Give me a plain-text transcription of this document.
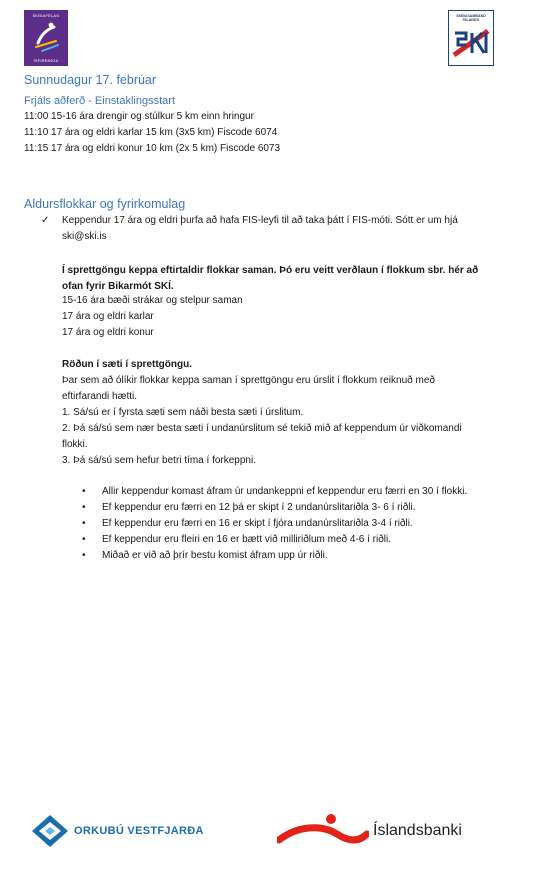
SKÍÐAFÉLAG
ÍSFIRÐINGA
SKÍÐASAMBAND ÍSLANDS
Sunnudagur 17. febrúar
Frjáls aðferð - Einstaklingsstart
11:00 15-16 ára drengir og stúlkur 5 km einn hringur
11:10 17 ára og eldri karlar 15 km (3x5 km) Fiscode 6074
11:15 17 ára og eldri konur 10 km (2x 5 km) Fiscode 6073
Aldursflokkar og fyrirkomulag
✓ Keppendur 17 ára og eldri þurfa að hafa FIS-leyfi til að taka þátt í FIS-móti. Sótt er um hjá
ski@ski.is
Í sprettgöngu keppa eftirtaldir flokkar saman. Þó eru veitt verðlaun í flokkum sbr. hér að
ofan fyrir Bikarmót SKÍ.
15-16 ára bæði strákar og stelpur saman
17 ára og eldri karlar
17 ára og eldri konur
Röðun í sæti í sprettgöngu.
Þar sem að ólíkir flokkar keppa saman í sprettgöngu eru úrslit í flokkum reiknuð með
eftirfarandi hætti.
1. Sá/sú er í fyrsta sæti sem náði besta sæti í úrslitum.
2. Þá sá/sú sem nær besta sæti í undanúrslitum sé tekið mið af keppendum úr viðkomandi
flokki.
3. Þá sá/sú sem hefur betri tíma í forkeppni.
• Allir keppendur komast áfram úr undankeppni ef keppendur eru færri en 30 í flokki.
• Ef keppendur eru færri en 12 þá er skipt í 2 undanúrslitariðla 3- 6 í riðli.
• Ef keppendur eru færri en 16 er skipt í fjóra undanúrslitariðla 3-4 í riðli.
• Ef keppendur eru fleiri en 16 er bætt við milliriðlum með 4-6 í riðli.
• Miðað er við að þrír bestu komist áfram upp úr riðli.
ORKUBÚ VESTFJARÐA	Íslandsbanki
